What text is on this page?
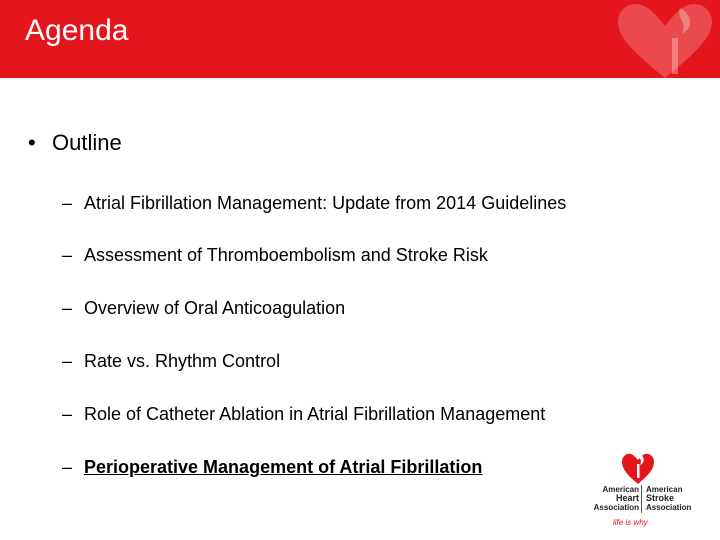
Agenda
• Outline
– Atrial Fibrillation Management: Update from 2014 Guidelines
– Assessment of Thromboembolism and Stroke Risk
– Overview of Oral Anticoagulation
– Rate vs. Rhythm Control
– Role of Catheter Ablation in Atrial Fibrillation Management
– Perioperative Management of Atrial Fibrillation
American
Heart
Association
American
Stroke
Association
life is why
